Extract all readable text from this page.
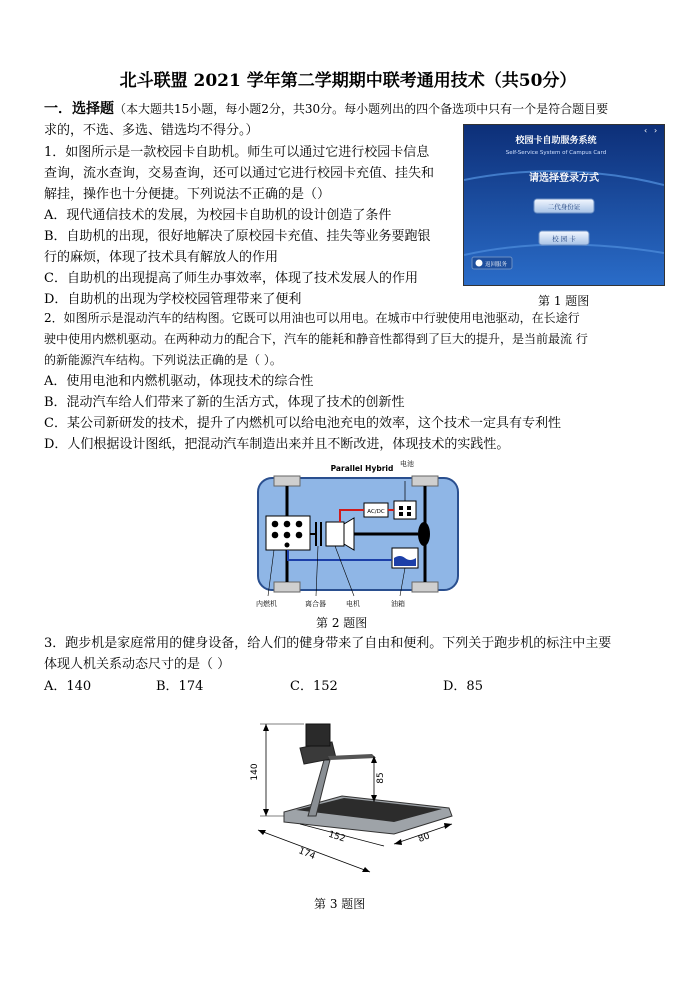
北斗联盟 2021 学年第二学期期中联考通用技术（共50分）
一．选择题（本大题共15小题，每小题2分，共30分。每小题列出的四个备选项中只有一个是符合题目要
求的，不选、多选、错选均不得分。）
1．如图所示是一款校园卡自助机。师生可以通过它进行校园卡信息
查询，流水查询，交易查询，还可以通过它进行校园卡充值、挂失和
解挂，操作也十分便捷。下列说法不正确的是（）
A．现代通信技术的发展，为校园卡自助机的设计创造了条件
B．自助机的出现，很好地解决了原校园卡充值、挂失等业务要跑银
行的麻烦，体现了技术具有解放人的作用
C．自助机的出现提高了师生办事效率，体现了技术发展人的作用
D．自助机的出现为学校校园管理带来了便利
校园卡自助服务系统
Self-Service System of Campus Card
‹ ›
请选择登录方式
二代身份证
校 园 卡
返回服务
第 1 题图
2．如图所示是混动汽车的结构图。它既可以用油也可以用电。在城市中行驶使用电池驱动，在长途行
驶中使用内燃机驱动。在两种动力的配合下，汽车的能耗和静音性都得到了巨大的提升，是当前最流 行
的新能源汽车结构。下列说法正确的是（ ）。
A．使用电池和内燃机驱动，体现技术的综合性
B．混动汽车给人们带来了新的生活方式，体现了技术的创新性
C．某公司新研发的技术，提升了内燃机可以给电池充电的效率，这个技术一定具有专利性
D．人们根据设计图纸，把混动汽车制造出来并且不断改进，体现技术的实践性。
Parallel Hybrid 电池
AC/DC
内燃机	离合器	电机	油箱
第 2 题图
3．跑步机是家庭常用的健身设备，给人们的健身带来了自由和便利。下列关于跑步机的标注中主要
体现人机关系动态尺寸的是（ ）
A．140	B．174	C．152	D．85
140	85
174
152	80
第 3 题图
